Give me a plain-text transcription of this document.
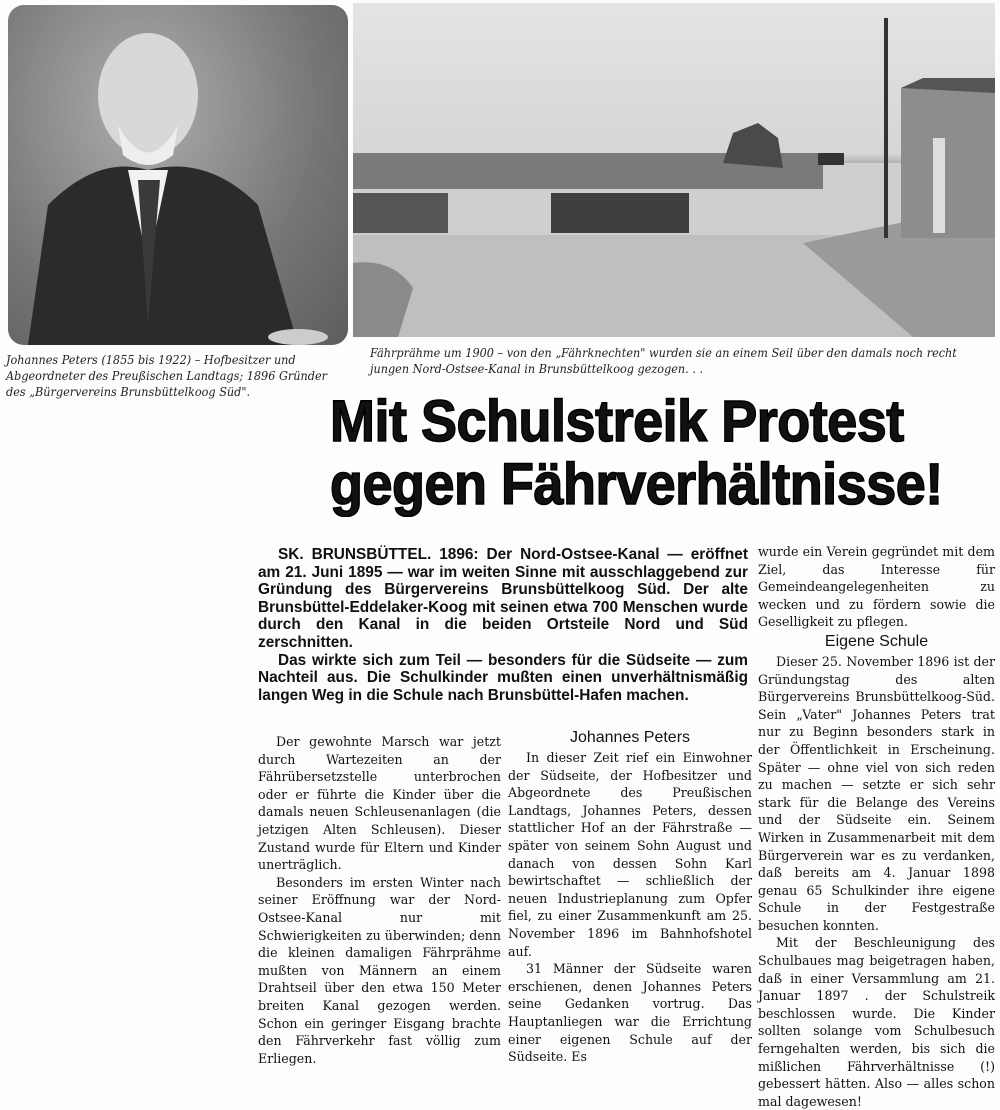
Johannes Peters (1855 bis 1922) – Hofbesitzer und Abgeordneter des Preußischen Landtags; 1896 Gründer des „Bürgervereins Brunsbüttelkoog Süd".
Fährprähme um 1900 – von den „Fährknechten" wurden sie an einem Seil über den damals noch recht jungen Nord-Ostsee-Kanal in Brunsbüttelkoog gezogen. . .
Mit Schulstreik Protest
gegen Fährverhältnisse!

SK. BRUNSBÜTTEL. 1896: Der Nord-Ostsee-Kanal — eröffnet am 21. Juni 1895 — war im weiten Sinne mit ausschlaggebend zur Gründung des Bürgervereins Brunsbüttelkoog Süd. Der alte Brunsbüttel-Eddelaker-Koog mit seinen etwa 700 Menschen wurde durch den Kanal in die beiden Ortsteile Nord und Süd zerschnitten.

Das wirkte sich zum Teil — besonders für die Südseite — zum Nachteil aus. Die Schulkinder mußten einen unverhältnismäßig langen Weg in die Schule nach Brunsbüttel-Hafen machen.

Der gewohnte Marsch war jetzt durch Wartezeiten an der Fährübersetzstelle unterbrochen oder er führte die Kinder über die damals neuen Schleusenanlagen (die jetzigen Alten Schleusen). Dieser Zustand wurde für Eltern und Kinder unerträglich.

Besonders im ersten Winter nach seiner Eröffnung war der Nord-Ostsee-Kanal nur mit Schwierigkeiten zu überwinden; denn die kleinen damaligen Fährprähme mußten von Männern an einem Drahtseil über den etwa 150 Meter breiten Kanal gezogen werden. Schon ein geringer Eisgang brachte den Fährverkehr fast völlig zum Erliegen.

Johannes Peters

In dieser Zeit rief ein Einwohner der Südseite, der Hofbesitzer und Abgeordnete des Preußischen Landtags, Johannes Peters, dessen stattlicher Hof an der Fährstraße — später von seinem Sohn August und danach von dessen Sohn Karl bewirtschaftet — schließlich der neuen Industrieplanung zum Opfer fiel, zu einer Zusammenkunft am 25. November 1896 im Bahnhofshotel auf.

31 Männer der Südseite waren erschienen, denen Johannes Peters seine Gedanken vortrug. Das Hauptanliegen war die Errichtung einer eigenen Schule auf der Südseite. Es

wurde ein Verein gegründet mit dem Ziel, das Interesse für Gemeindeangelegenheiten zu wecken und zu fördern sowie die Geselligkeit zu pflegen.

Eigene Schule

Dieser 25. November 1896 ist der Gründungstag des alten Bürgervereins Brunsbüttelkoog-Süd. Sein „Vater" Johannes Peters trat nur zu Beginn besonders stark in der Öffentlichkeit in Erscheinung. Später — ohne viel von sich reden zu machen — setzte er sich sehr stark für die Belange des Vereins und der Südseite ein. Seinem Wirken in Zusammenarbeit mit dem Bürgerverein war es zu verdanken, daß bereits am 4. Januar 1898 genau 65 Schulkinder ihre eigene Schule in der Festgestraße besuchen konnten.

Mit der Beschleunigung des Schulbaues mag beigetragen haben, daß in einer Versammlung am 21. Januar 1897 . der Schulstreik beschlossen wurde. Die Kinder sollten solange vom Schulbesuch ferngehalten werden, bis sich die mißlichen Fährverhältnisse (!) gebessert hätten. Also — alles schon mal dagewesen!
